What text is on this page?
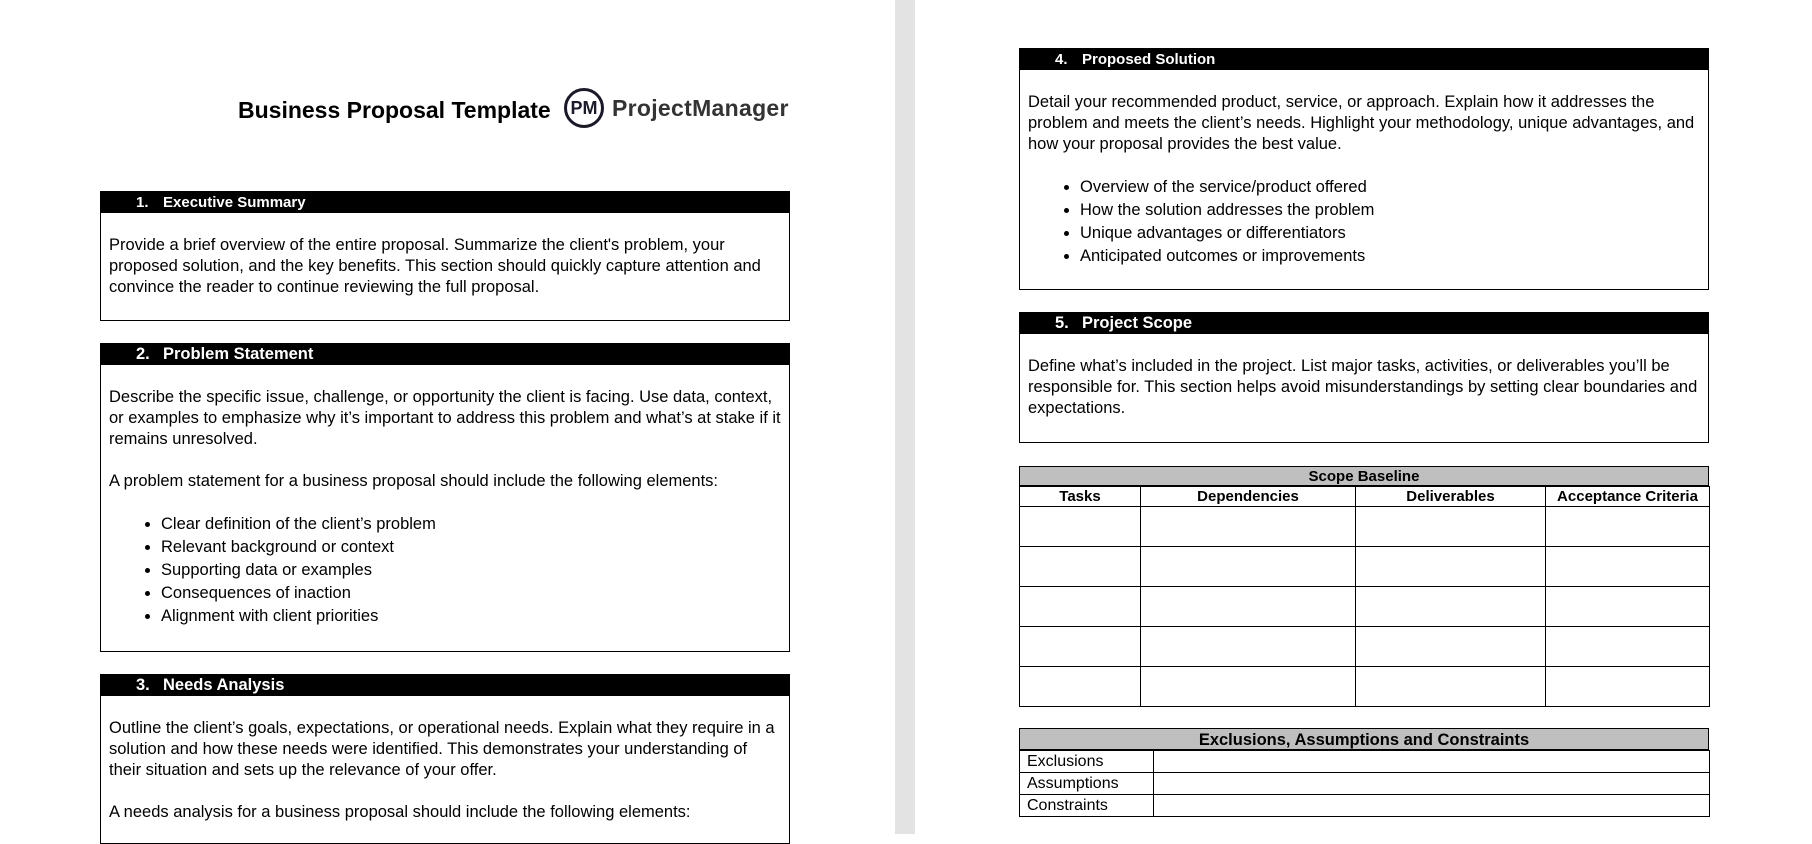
Business Proposal Template	PM ProjectManager
1. Executive Summary

Provide a brief overview of the entire proposal. Summarize the client's problem, your proposed solution, and the key benefits. This section should quickly capture attention and convince the reader to continue reviewing the full proposal.

2. Problem Statement

Describe the specific issue, challenge, or opportunity the client is facing. Use data, context, or examples to emphasize why it’s important to address this problem and what’s at stake if it remains unresolved.

A problem statement for a business proposal should include the following elements:

• Clear definition of the client’s problem
• Relevant background or context
• Supporting data or examples
• Consequences of inaction
• Alignment with client priorities
3. Needs Analysis

Outline the client’s goals, expectations, or operational needs. Explain what they require in a solution and how these needs were identified. This demonstrates your understanding of their situation and sets up the relevance of your offer.

A needs analysis for a business proposal should include the following elements:

4. Proposed Solution

Detail your recommended product, service, or approach. Explain how it addresses the problem and meets the client’s needs. Highlight your methodology, unique advantages, and how your proposal provides the best value.

• Overview of the service/product offered
• How the solution addresses the problem
• Unique advantages or differentiators
• Anticipated outcomes or improvements
5. Project Scope

Define what’s included in the project. List major tasks, activities, or deliverables you’ll be responsible for. This section helps avoid misunderstandings by setting clear boundaries and expectations.

Scope Baseline
Tasks	Dependencies	Deliverables	Acceptance Criteria

Exclusions, Assumptions and Constraints
Exclusions	
Assumptions	
Constraints	
